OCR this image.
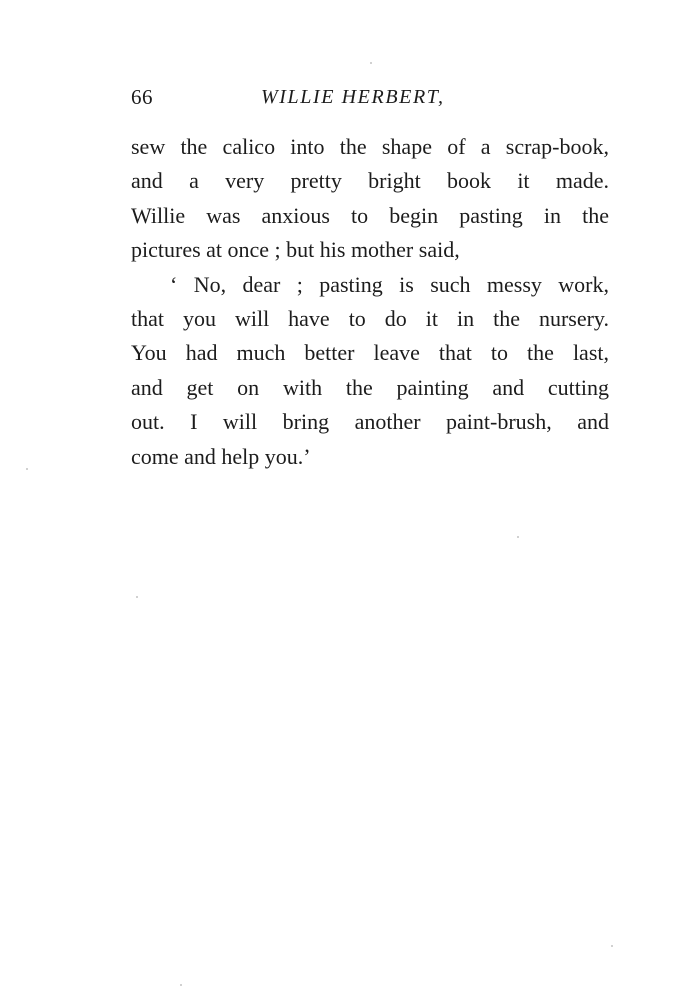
66	WILLIE HERBERT,
sew the calico into the shape of a scrap-book,
and a very pretty bright book it made.
Willie was anxious to begin pasting in the
pictures at once ; but his mother said,
‘ No, dear ; pasting is such messy work,
that you will have to do it in the nursery.
You had much better leave that to the last,
and get on with the painting and cutting
out. I will bring another paint-brush, and
come and help you.’
